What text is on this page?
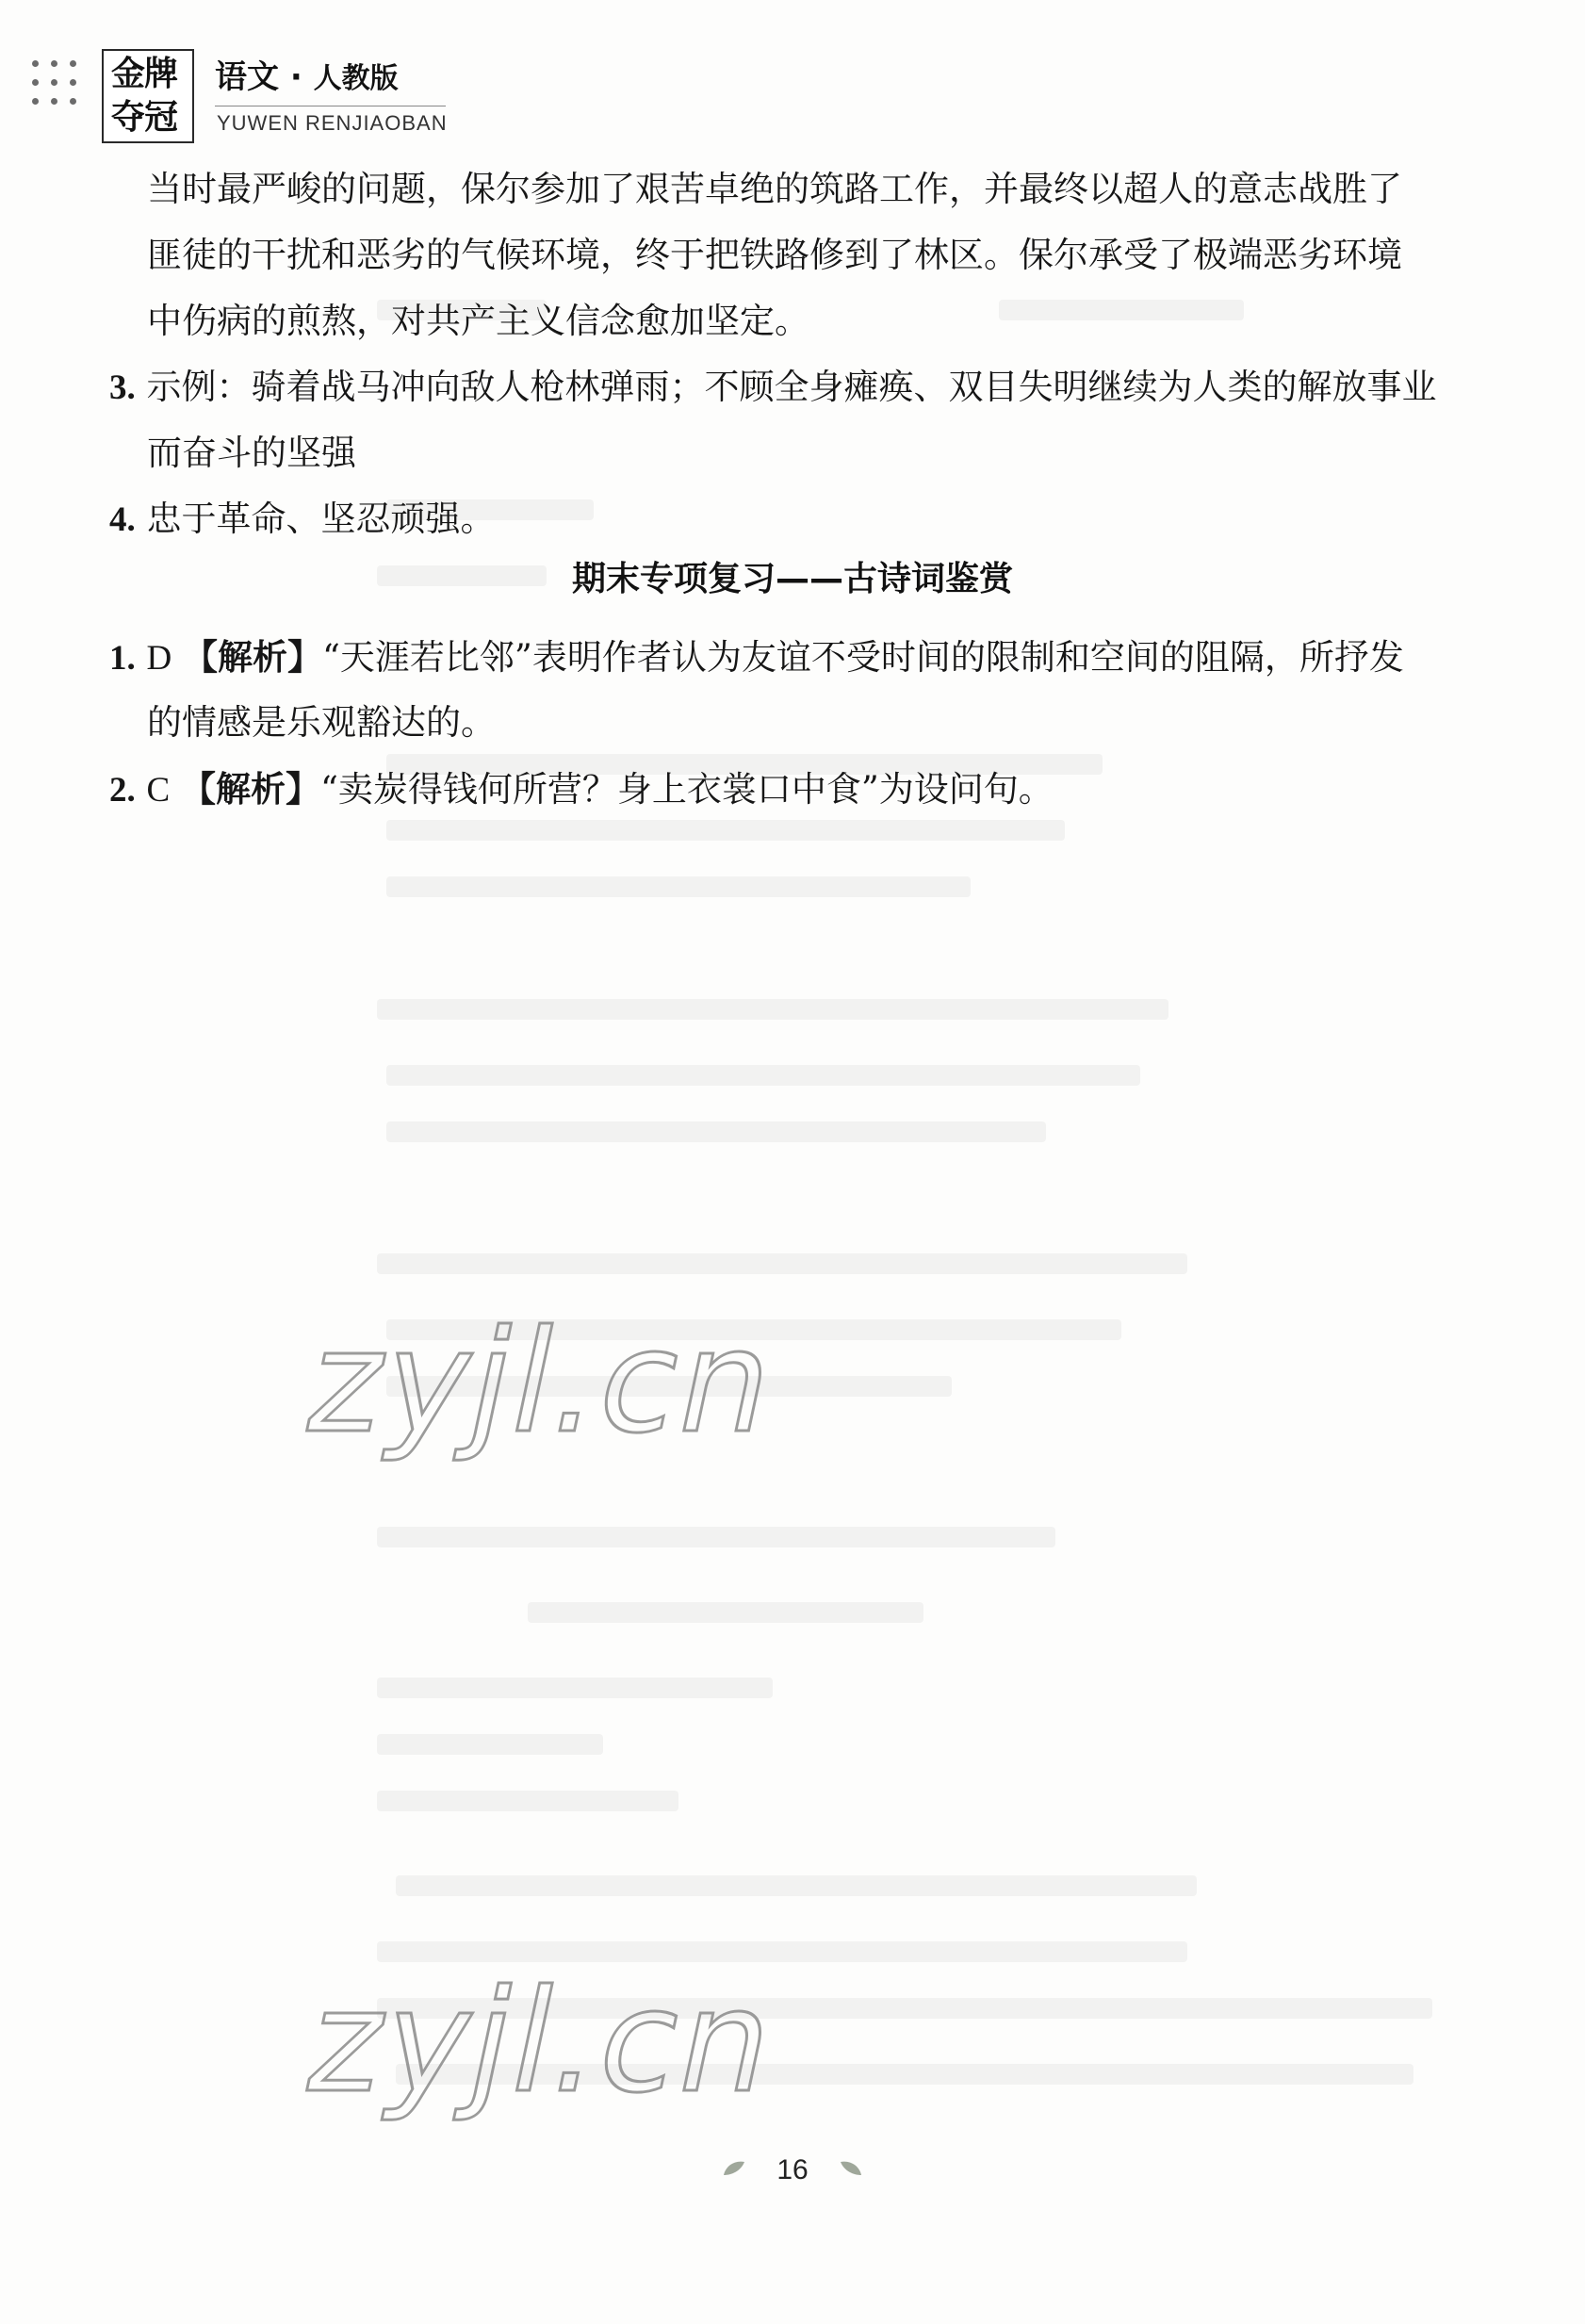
金牌
夺冠
语文 · 人教版
YUWEN RENJIAOBAN
当时最严峻的问题，保尔参加了艰苦卓绝的筑路工作，并最终以超人的意志战胜了
匪徒的干扰和恶劣的气候环境，终于把铁路修到了林区。保尔承受了极端恶劣环境
中伤病的煎熬，对共产主义信念愈加坚定。
3. 示例：骑着战马冲向敌人枪林弹雨；不顾全身瘫痪、双目失明继续为人类的解放事业
而奋斗的坚强
4. 忠于革命、坚忍顽强。
期末专项复习——古诗词鉴赏
1. D 【解析】“天涯若比邻”表明作者认为友谊不受时间的限制和空间的阻隔，所抒发
的情感是乐观豁达的。
2. C 【解析】“卖炭得钱何所营？身上衣裳口中食”为设问句。
zyjl.cn
zyjl.cn
16
